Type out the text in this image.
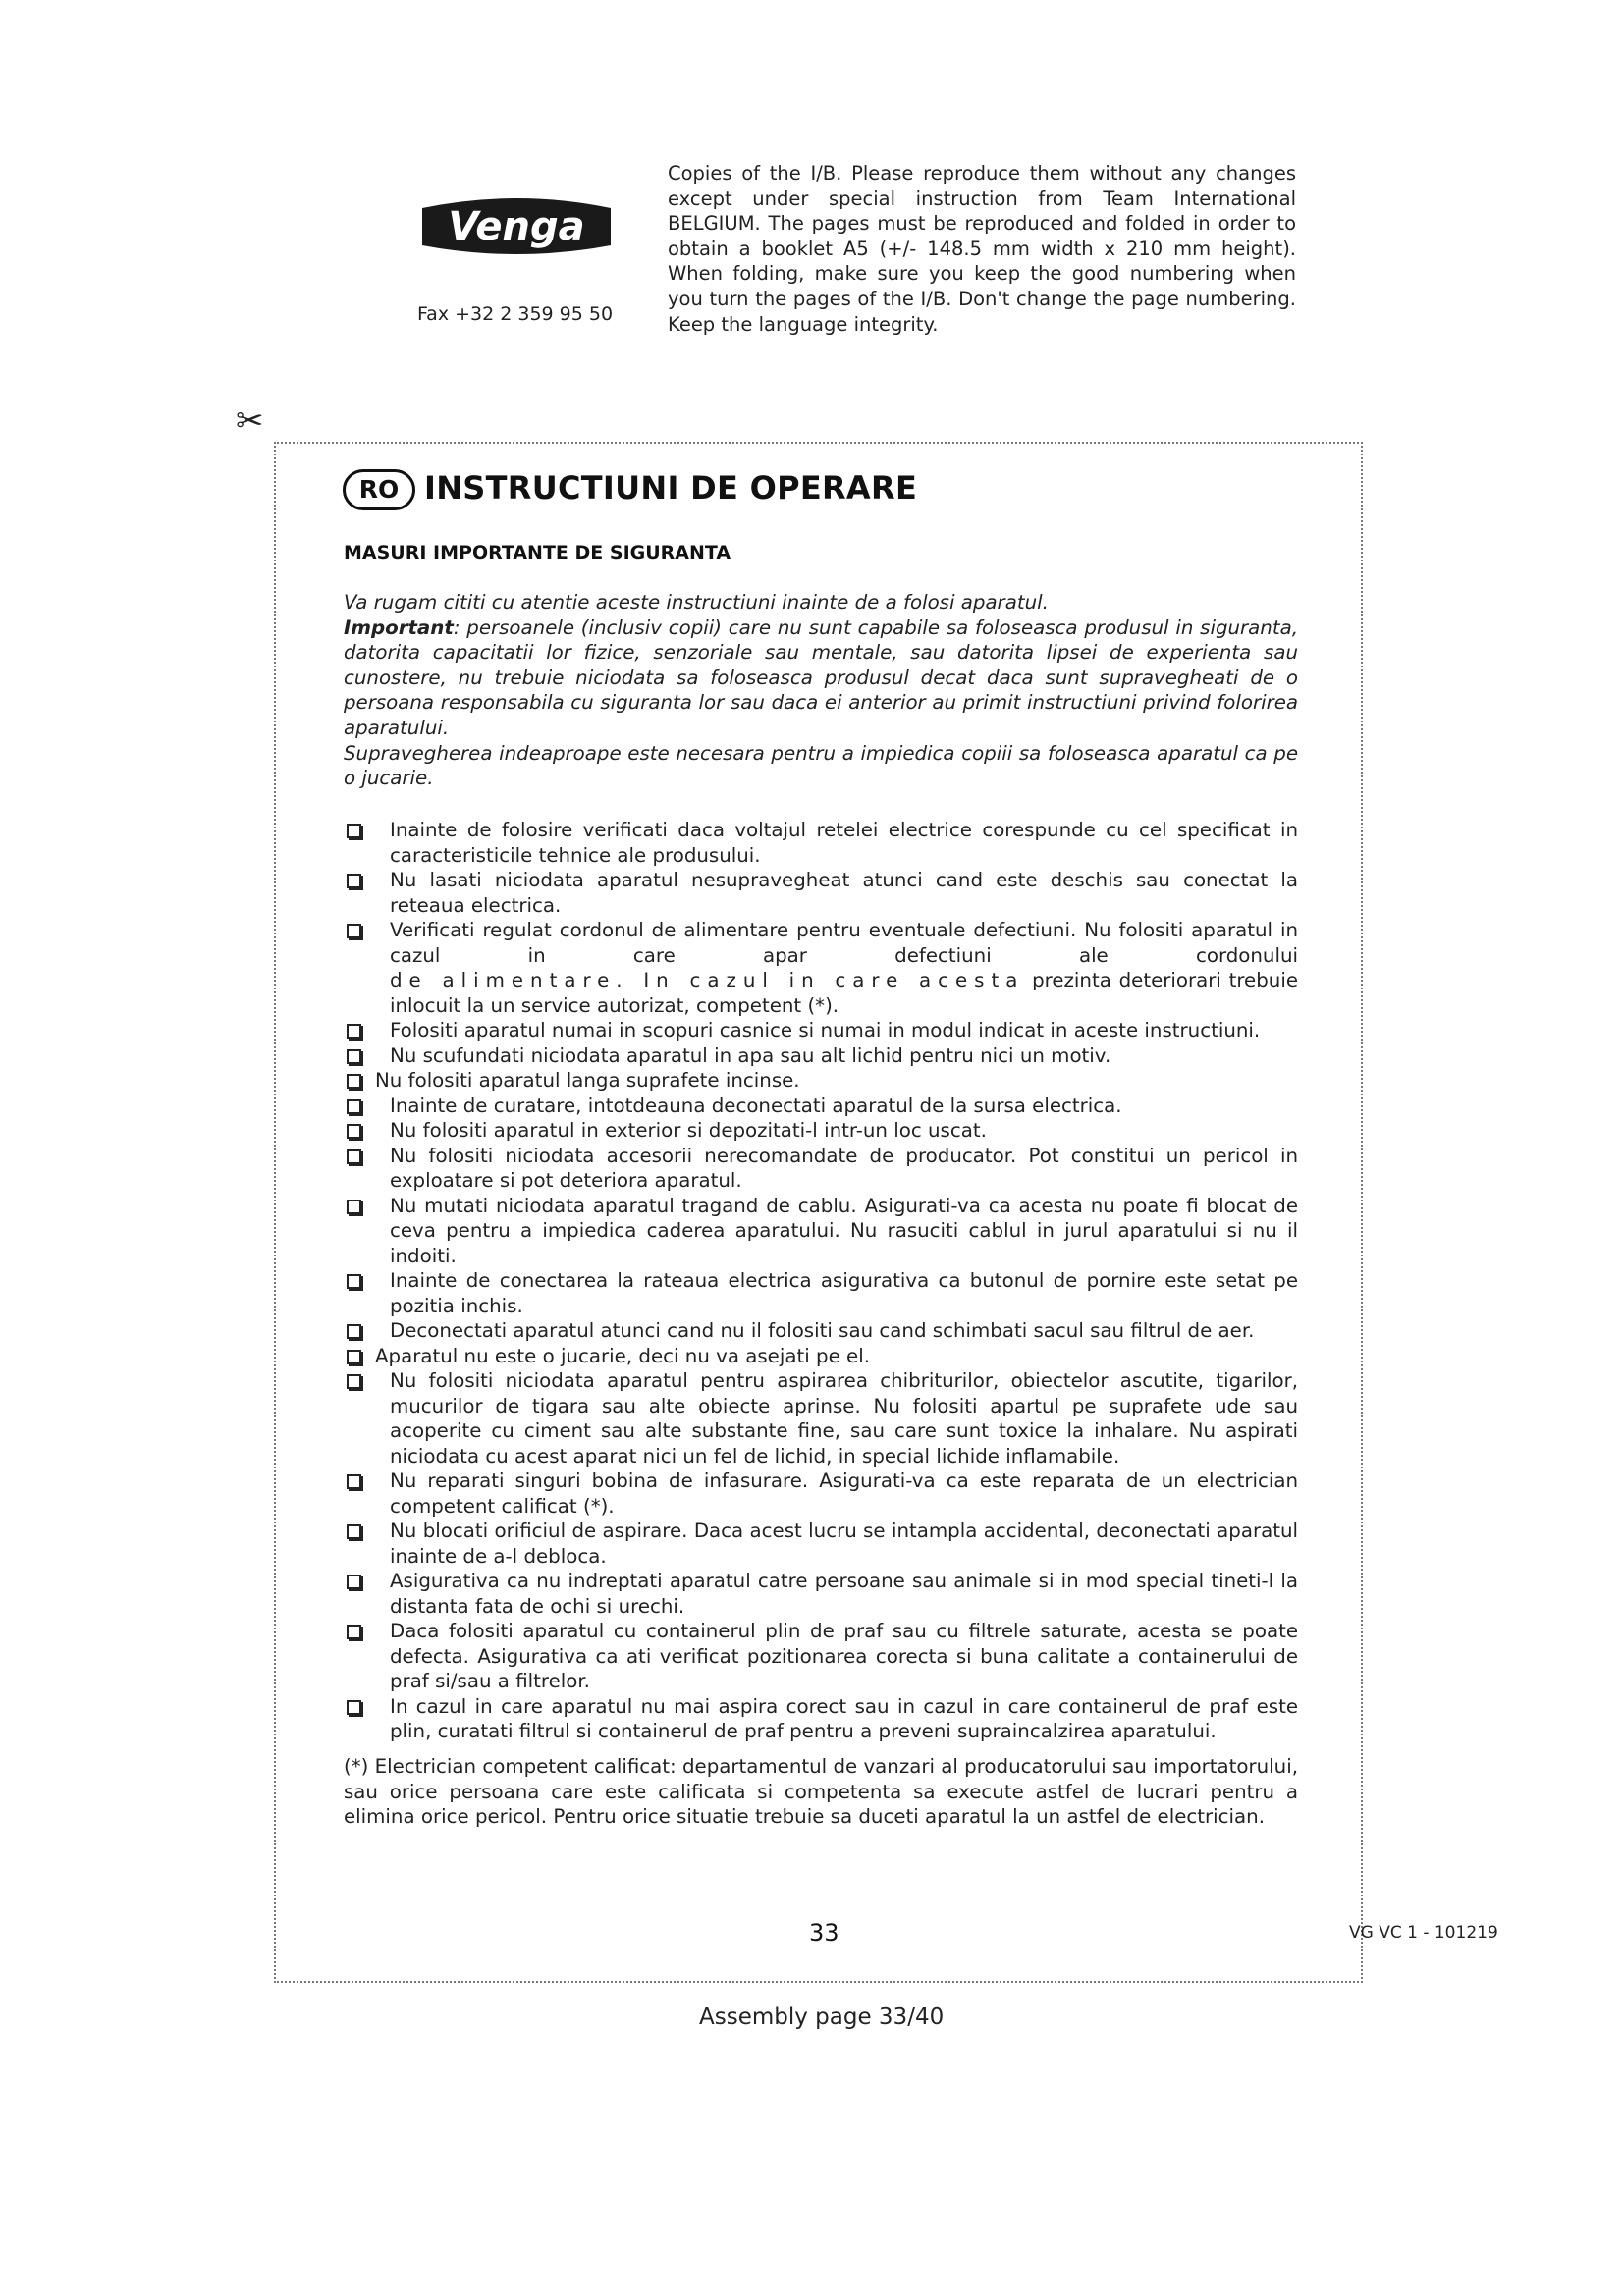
Venga
Fax +32 2 359 95 50
Copies of the I/B. Please reproduce them without any changes except under special instruction from Team International BELGIUM. The pages must be reproduced and folded in order to obtain a booklet A5 (+/- 148.5 mm width x 210 mm height). When folding, make sure you keep the good numbering when you turn the pages of the I/B. Don't change the page numbering. Keep the language integrity.
✂
RO INSTRUCTIUNI DE OPERARE
MASURI IMPORTANTE DE SIGURANTA

Va rugam cititi cu atentie aceste instructiuni inainte de a folosi aparatul.

Important: persoanele (inclusiv copii) care nu sunt capabile sa foloseasca produsul in siguranta, datorita capacitatii lor fizice, senzoriale sau mentale, sau datorita lipsei de experienta sau cunostere, nu trebuie niciodata sa foloseasca produsul decat daca sunt supravegheati de o persoana responsabila cu siguranta lor sau daca ei anterior au primit instructiuni privind folorirea aparatului.

Supravegherea indeaproape este necesara pentru a impiedica copiii sa foloseasca aparatul ca pe o jucarie.

Inainte de folosire verificati daca voltajul retelei electrice corespunde cu cel specificat in caracteristicile tehnice ale produsului.
Nu lasati niciodata aparatul nesupravegheat atunci cand este deschis sau conectat la reteaua electrica.
Verificati regulat cordonul de alimentare pentru eventuale defectiuni. Nu folositi aparatul in cazul in care apar defectiuni ale cordonului de alimentare. In cazul in care acesta prezinta deteriorari trebuie inlocuit la un service autorizat, competent (*).
Folositi aparatul numai in scopuri casnice si numai in modul indicat in aceste instructiuni.
Nu scufundati niciodata aparatul in apa sau alt lichid pentru nici un motiv.
Nu folositi aparatul langa suprafete incinse.
Inainte de curatare, intotdeauna deconectati aparatul de la sursa electrica.
Nu folositi aparatul in exterior si depozitati-l intr-un loc uscat.
Nu folositi niciodata accesorii nerecomandate de producator. Pot constitui un pericol in exploatare si pot deteriora aparatul.
Nu mutati niciodata aparatul tragand de cablu. Asigurati-va ca acesta nu poate fi blocat de ceva pentru a impiedica caderea aparatului. Nu rasuciti cablul in jurul aparatului si nu il indoiti.
Inainte de conectarea la rateaua electrica asigurativa ca butonul de pornire este setat pe pozitia inchis.
Deconectati aparatul atunci cand nu il folositi sau cand schimbati sacul sau filtrul de aer.
Aparatul nu este o jucarie, deci nu va asejati pe el.
Nu folositi niciodata aparatul pentru aspirarea chibriturilor, obiectelor ascutite, tigarilor, mucurilor de tigara sau alte obiecte aprinse. Nu folositi apartul pe suprafete ude sau acoperite cu ciment sau alte substante fine, sau care sunt toxice la inhalare. Nu aspirati niciodata cu acest aparat nici un fel de lichid, in special lichide inflamabile.
Nu reparati singuri bobina de infasurare. Asigurati-va ca este reparata de un electrician competent calificat (*).
Nu blocati orificiul de aspirare. Daca acest lucru se intampla accidental, deconectati aparatul inainte de a-l debloca.
Asigurativa ca nu indreptati aparatul catre persoane sau animale si in mod special tineti-l la distanta fata de ochi si urechi.
Daca folositi aparatul cu containerul plin de praf sau cu filtrele saturate, acesta se poate defecta. Asigurativa ca ati verificat pozitionarea corecta si buna calitate a containerului de praf si/sau a filtrelor.
In cazul in care aparatul nu mai aspira corect sau in cazul in care containerul de praf este plin, curatati filtrul si containerul de praf pentru a preveni supraincalzirea aparatului.
(*) Electrician competent calificat: departamentul de vanzari al producatorului sau importatorului, sau orice persoana care este calificata si competenta sa execute astfel de lucrari pentru a elimina orice pericol. Pentru orice situatie trebuie sa duceti aparatul la un astfel de electrician.
33	VG VC 1 - 101219
Assembly page 33/40
